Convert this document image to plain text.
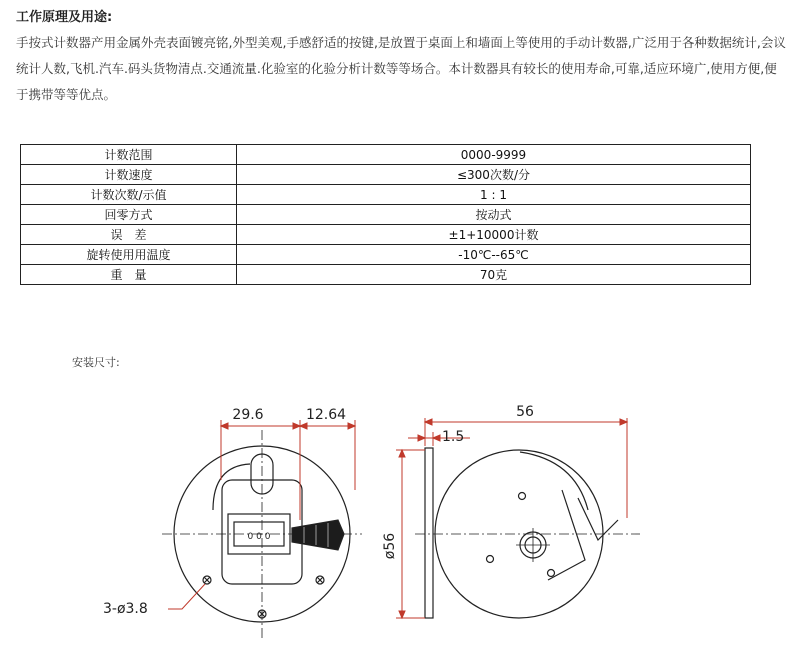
工作原理及用途:
手按式计数器产用金属外壳表面镀亮铭,外型美观,手感舒适的按键,是放置于桌面上和墙面上等使用的手动计数器,广泛用于各种数据统计,会议统计人数,飞机.汽车.码头货物清点.交通流量.化验室的化验分析计数等等场合。本计数器具有较长的使用寿命,可靠,适应环境广,使用方便,便于携带等等优点。
计数范围	0000-9999
计数速度	≤300次数/分
计数次数/示值	1 : 1
回零方式	按动式
误　差	±1+10000计数
旋转使用用温度	-10℃--65℃
重　量	70克
安装尺寸:
0 0 0
29.6	12.64
3-ø3.8
56
1.5
ø56
